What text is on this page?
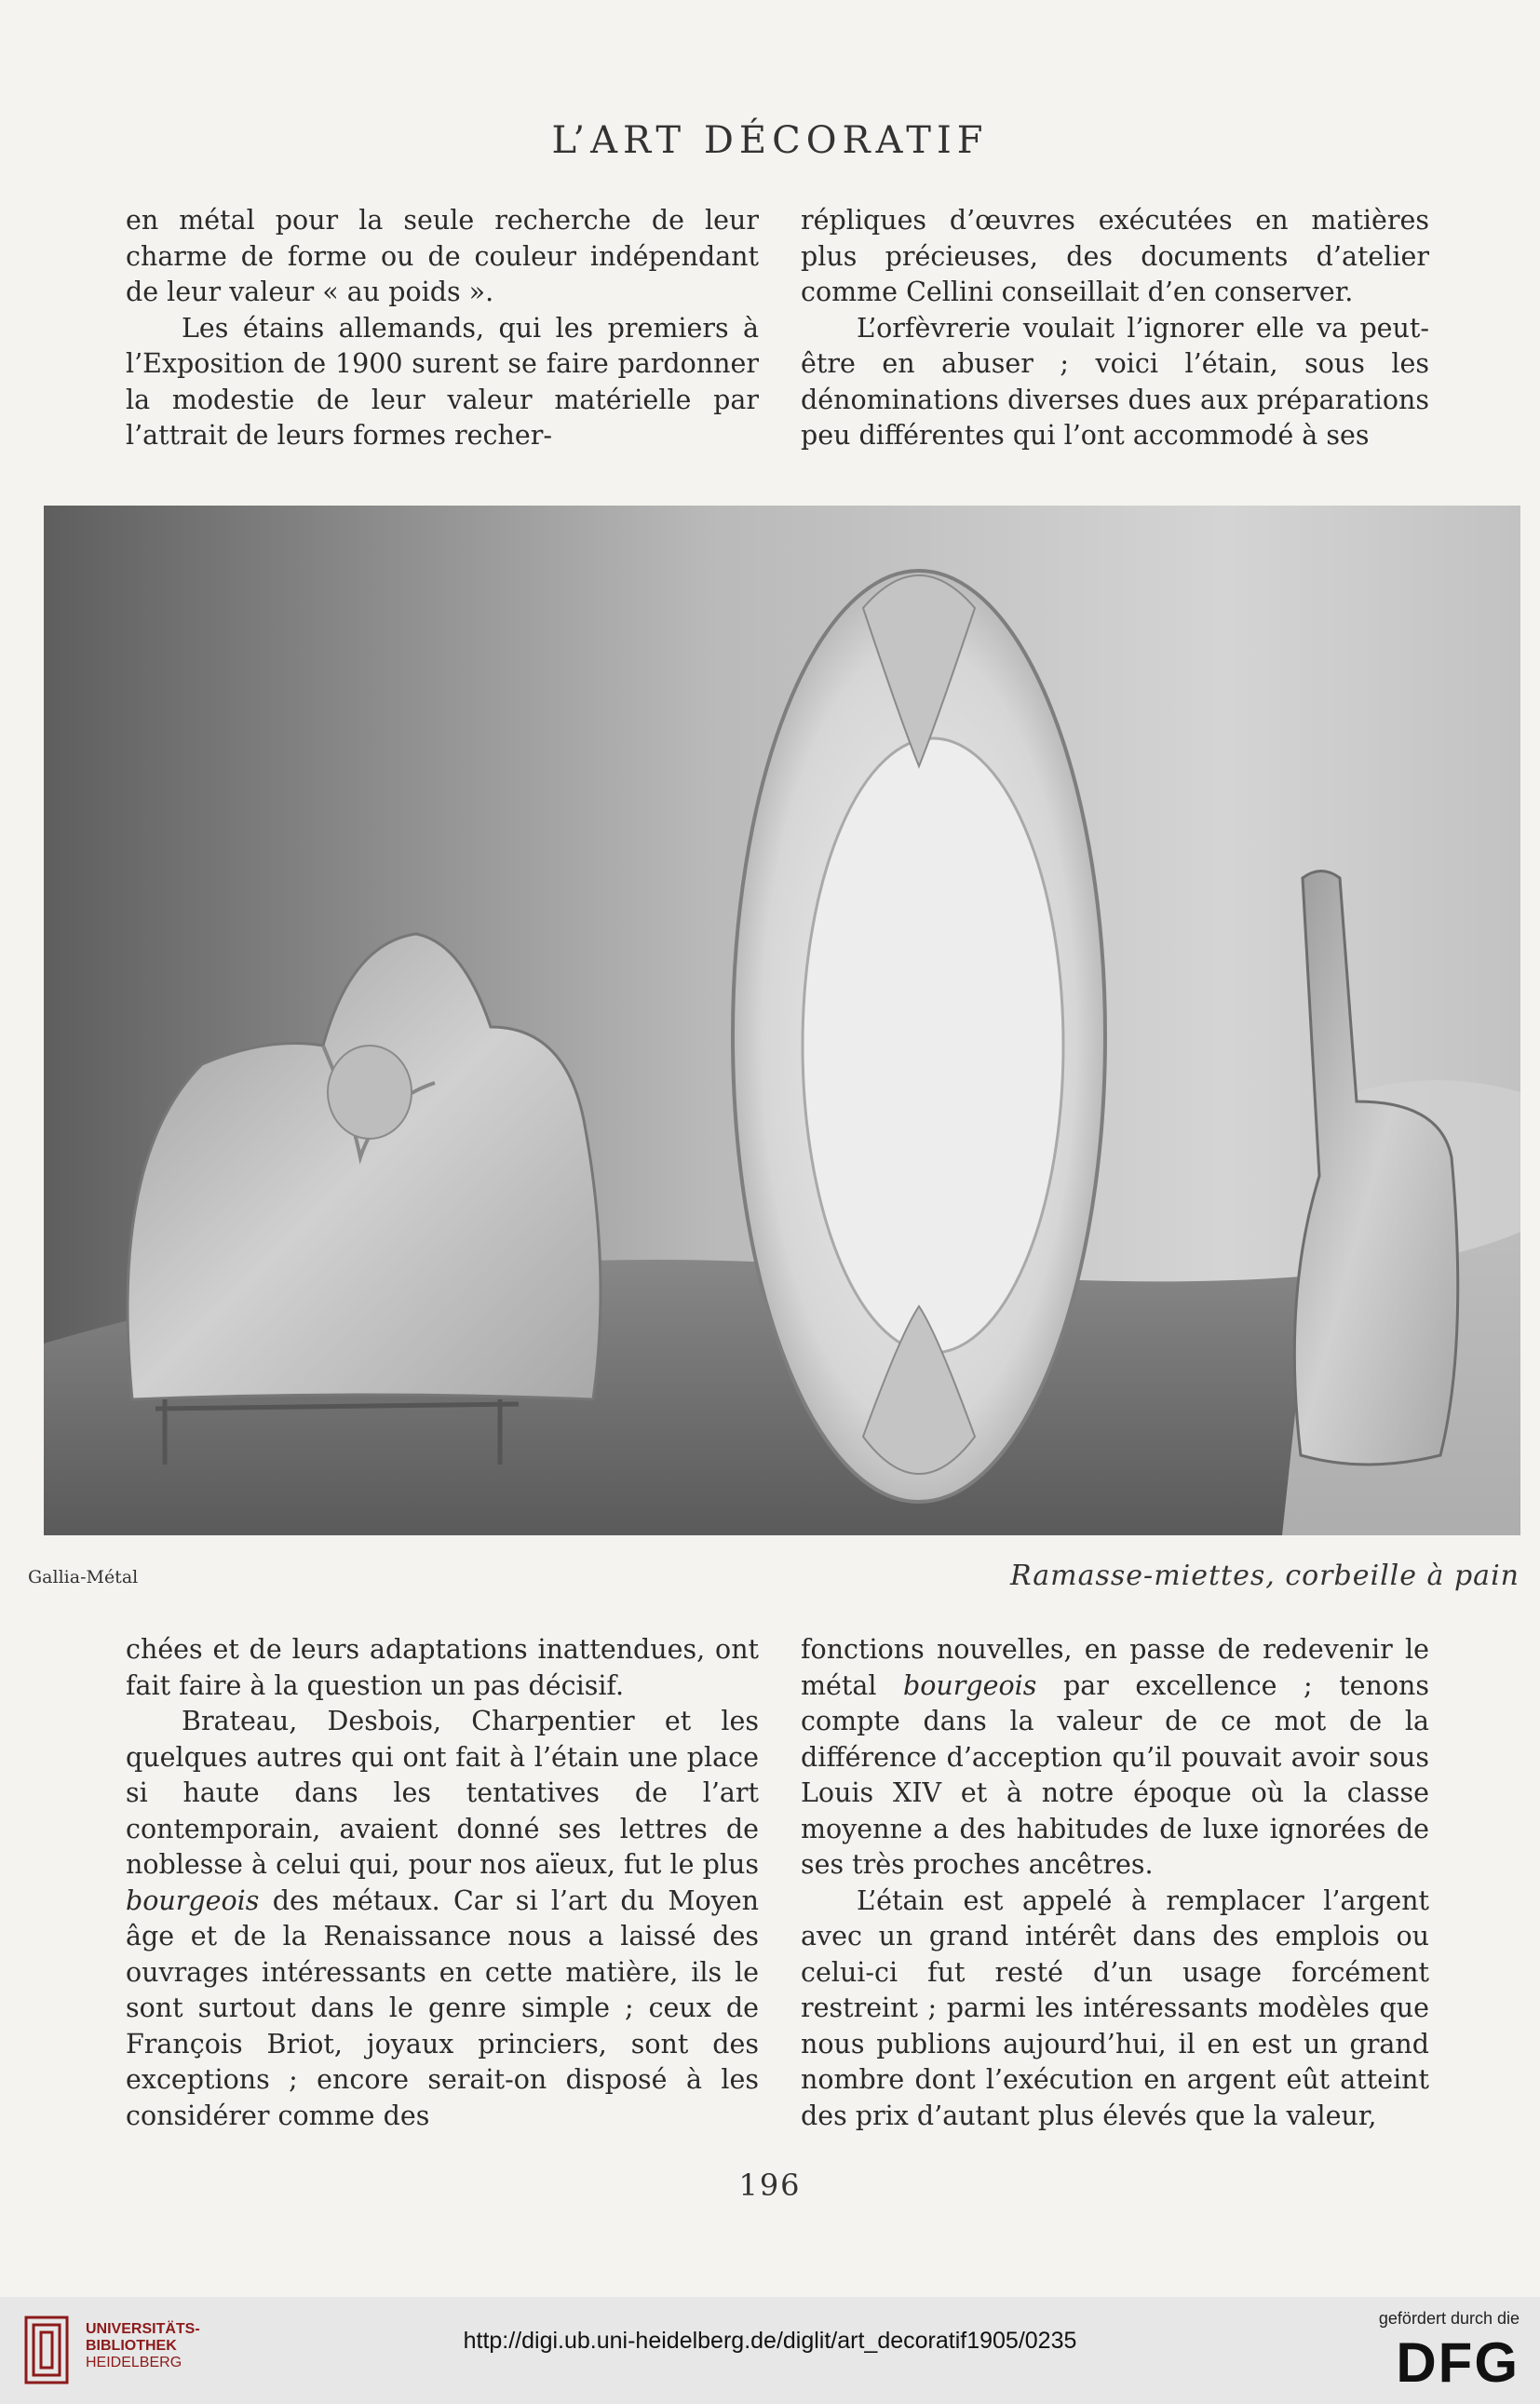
L’ART DÉCORATIF

en métal pour la seule recherche de leur charme de forme ou de couleur indépendant de leur valeur « au poids ».

Les étains allemands, qui les premiers à l’Exposition de 1900 surent se faire pardonner la modestie de leur valeur matérielle par l’attrait de leurs formes recher-

répliques d’œuvres exécutées en matières plus précieuses, des documents d’atelier comme Cellini conseillait d’en conserver.

L’orfèvrerie voulait l’ignorer elle va peut-être en abuser ; voici l’étain, sous les dénominations diverses dues aux préparations peu différentes qui l’ont accommodé à ses

Gallia-Métal	Ramasse-miettes, corbeille à pain

chées et de leurs adaptations inattendues, ont fait faire à la question un pas décisif.

Brateau, Desbois, Charpentier et les quelques autres qui ont fait à l’étain une place si haute dans les tentatives de l’art contemporain, avaient donné ses lettres de noblesse à celui qui, pour nos aïeux, fut le plus bourgeois des métaux. Car si l’art du Moyen âge et de la Renaissance nous a laissé des ouvrages intéressants en cette matière, ils le sont surtout dans le genre simple ; ceux de François Briot, joyaux princiers, sont des exceptions ; encore serait-on disposé à les considérer comme des

fonctions nouvelles, en passe de redevenir le métal bourgeois par excellence ; tenons compte dans la valeur de ce mot de la différence d’acception qu’il pouvait avoir sous Louis XIV et à notre époque où la classe moyenne a des habitudes de luxe ignorées de ses très proches ancêtres.

L’étain est appelé à remplacer l’argent avec un grand intérêt dans des emplois ou celui-ci fut resté d’un usage forcément restreint ; parmi les intéressants modèles que nous publions aujourd’hui, il en est un grand nombre dont l’exécution en argent eût atteint des prix d’autant plus élevés que la valeur,

196
UNIVERSITÄTS-
BIBLIOTHEK
HEIDELBERG
http://digi.ub.uni-heidelberg.de/diglit/art_decoratif1905/0235
gefördert durch die
DFG
